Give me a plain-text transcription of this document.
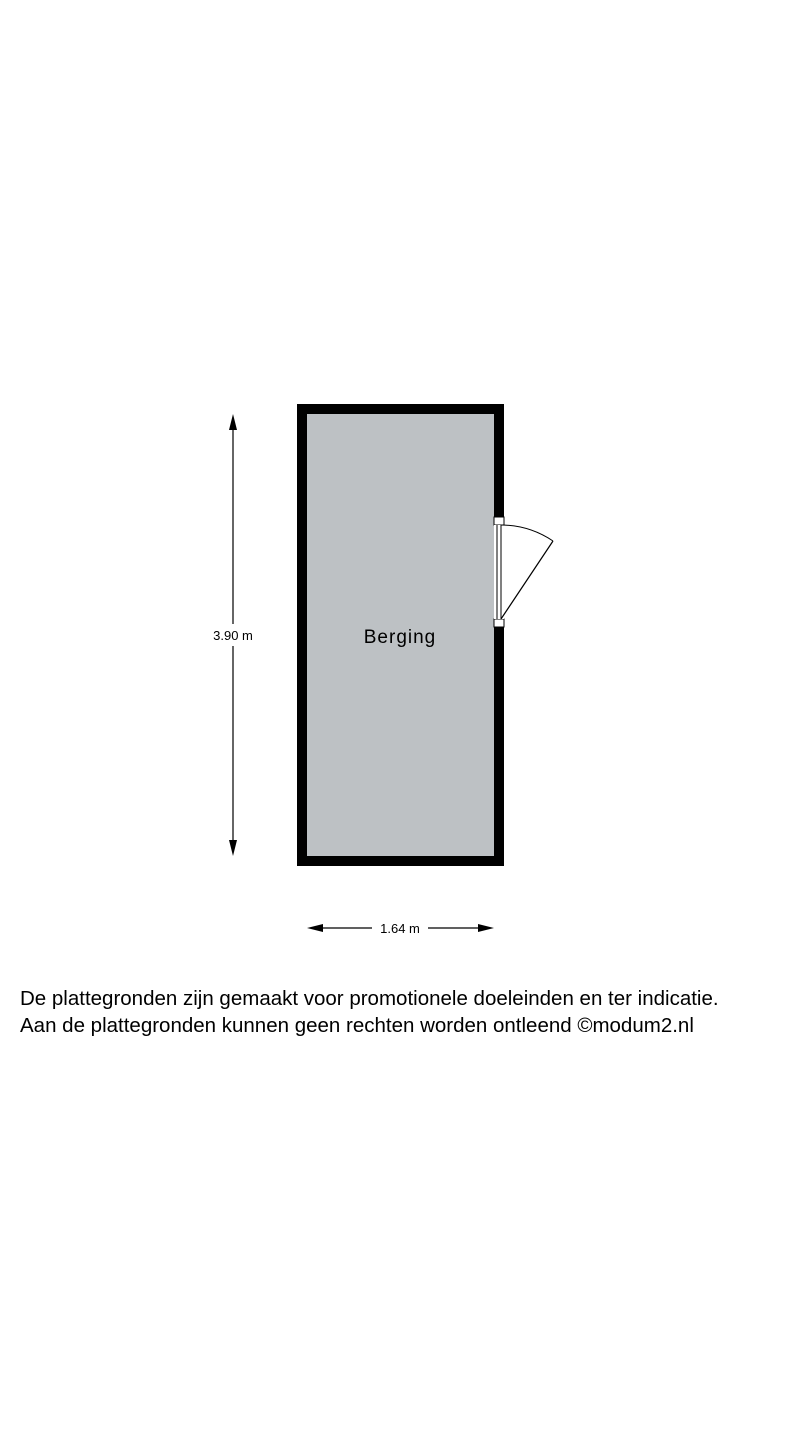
Berging
3.90 m
1.64 m
De plattegronden zijn gemaakt voor promotionele doeleinden en ter indicatie.
Aan de plattegronden kunnen geen rechten worden ontleend ©modum2.nl
